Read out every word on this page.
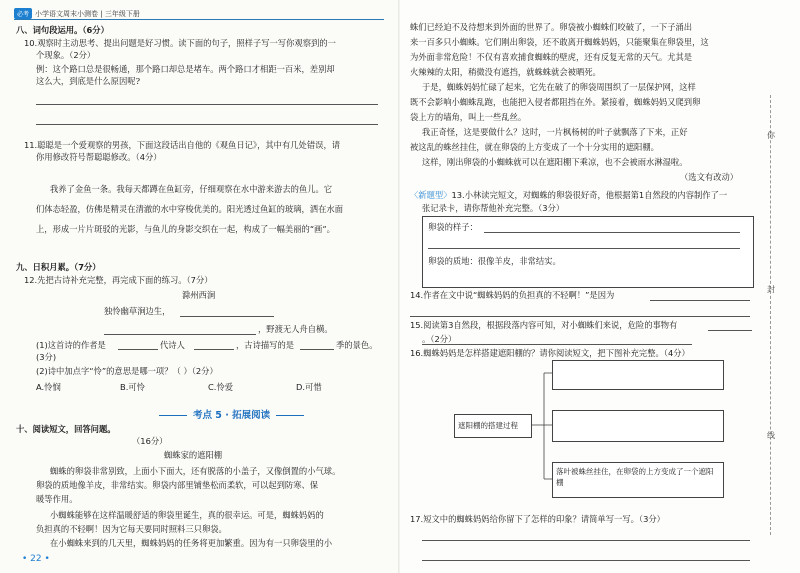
必考 小学语文周末小测卷 | 三年级下册
八、词句段运用。（6分）
10.观察时主动思考、提出问题是好习惯。读下面的句子，照样子写一写你观察到的一
个现象。（2分）
例：这个路口总是很畅通，那个路口却总是堵车。两个路口才相距一百米，差别却
这么大，到底是什么原因呢?
11.聪聪是一个爱观察的男孩，下面这段话出自他的《观鱼日记》，其中有几处错误，请
你用修改符号帮聪聪修改。（4分）
我养了金鱼一条。我每天都蹲在鱼缸旁，仔细观察在水中游来游去的鱼儿。它
们体态轻盈，仿佛是精灵在清澈的水中穿梭优美的。阳光透过鱼缸的玻璃，洒在水面
上，形成一片片斑驳的光影，与鱼儿的身影交织在一起，构成了一幅美丽的“画”。
九、日积月累。（7分）
12.先把古诗补充完整，再完成下面的练习。（7分）
滁州西涧
独怜幽草涧边生，
，野渡无人舟自横。
(1)这首诗的作者是	代诗人	，古诗描写的是	季的景色。
(3分)
(2)诗中加点字“怜”的意思是哪一项？（ ）（2分）
A.怜悯	B.可怜	C.怜爱	D.可惜
考点 5 · 拓展阅读
十、阅读短文，回答问题。
（16分）
蜘蛛家的遮阳棚
蜘蛛的卵袋非常别致，上面小下面大，还有脱落的小盖子，又像倒置的小气球。
卵袋的质地像羊皮，非常结实。卵袋内部里铺垫松而柔软，可以起到防寒、保
暖等作用。
小蜘蛛能够在这样温暖舒适的卵袋里诞生，真的很幸运。可是，蜘蛛妈妈的
负担真的不轻啊！因为它每天要同时照料三只卵袋。
在小蜘蛛来到的几天里，蜘蛛妈妈的任务将更加繁重。因为有一只卵袋里的小
• 22 •
蛛们已经迫不及待想来到外面的世界了。卵袋被小蜘蛛们咬破了，一下子涌出
来一百多只小蜘蛛。它们刚出卵袋，还不敢离开蜘蛛妈妈，只能聚集在卵袋里，这
为外面非常危险！不仅有喜欢捕食蜘蛛的壁虎，还有反复无常的天气。尤其是
火辣辣的太阳，稍微没有遮挡，就蛛蛛就会被晒死。
于是，蜘蛛妈妈忙碌了起来，它先在破了的卵袋周围织了一层保护网，这样
既不会影响小蜘蛛乱跑，也能把入侵者都阻挡在外。紧接着，蜘蛛妈妈又爬到卵
袋上方的墙角，叫上一些乱丝。
我正奇怪，这是要做什么？这时，一片枫杨树的叶子就飘落了下来，正好
被这乱的蛛丝挂住，就在卵袋的上方变成了一个十分实用的遮阳棚。
这样，刚出卵袋的小蜘蛛就可以在遮阳棚下乘凉，也不会被雨水淋湿啦。
（选文有改动）
〈新题型〉13.小林读完短文，对蜘蛛的卵袋很好奇，他根据第1自然段的内容制作了一
张记录卡，请你帮他补充完整。（3分）
卵袋的样子：
卵袋的质地：很像羊皮，非常结实。
14.作者在文中说“蜘蛛妈妈的负担真的不轻啊！”是因为
15.阅读第3自然段，根据段落内容可知，对小蜘蛛们来说，危险的事物有
。（2分）
16.蜘蛛妈妈是怎样搭建遮阳棚的？请你阅读短文，把下图补充完整。（4分）
遮阳棚的搭建过程
落叶被蛛丝挂住，在卵袋的上方变成了一个遮阳棚
17.短文中的蜘蛛妈妈给你留下了怎样的印象？请简单写一写。（3分）
你
封
线
